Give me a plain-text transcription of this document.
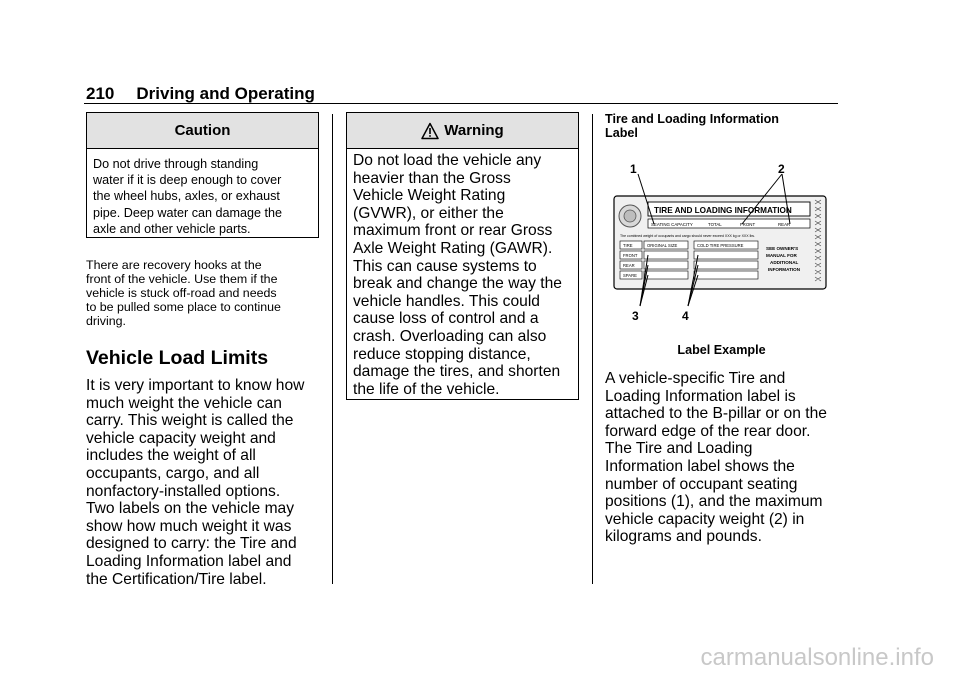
210 Driving and Operating
Caution
Do not drive through standing
water if it is deep enough to cover
the wheel hubs, axles, or exhaust
pipe. Deep water can damage the
axle and other vehicle parts.
There are recovery hooks at the
front of the vehicle. Use them if the
vehicle is stuck off-road and needs
to be pulled some place to continue
driving.
Vehicle Load Limits
It is very important to know how
much weight the vehicle can
carry. This weight is called the
vehicle capacity weight and
includes the weight of all
occupants, cargo, and all
nonfactory-installed options.
Two labels on the vehicle may
show how much weight it was
designed to carry: the Tire and
Loading Information label and
the Certification/Tire label.
Warning
Do not load the vehicle any
heavier than the Gross
Vehicle Weight Rating
(GVWR), or either the
maximum front or rear Gross
Axle Weight Rating (GAWR).
This can cause systems to
break and change the way the
vehicle handles. This could
cause loss of control and a
crash. Overloading can also
reduce stopping distance,
damage the tires, and shorten
the life of the vehicle.
Tire and Loading Information
Label
TIRE AND LOADING INFORMATION
SEATING CAPACITY	TOTAL	FRONT	REAR
The combined weight of occupants and cargo should never exceed XXX kg or XXX lbs.
TIRE	ORIGINAL SIZE	COLD TIRE PRESSURE
FRONT
REAR
SPARE
SEE OWNER'S
MANUAL FOR
ADDITIONAL
INFORMATION
1	2
3	4
Label Example
A vehicle-specific Tire and
Loading Information label is
attached to the B-pillar or on the
forward edge of the rear door.
The Tire and Loading
Information label shows the
number of occupant seating
positions (1), and the maximum
vehicle capacity weight (2) in
kilograms and pounds.
carmanualsonline.info
